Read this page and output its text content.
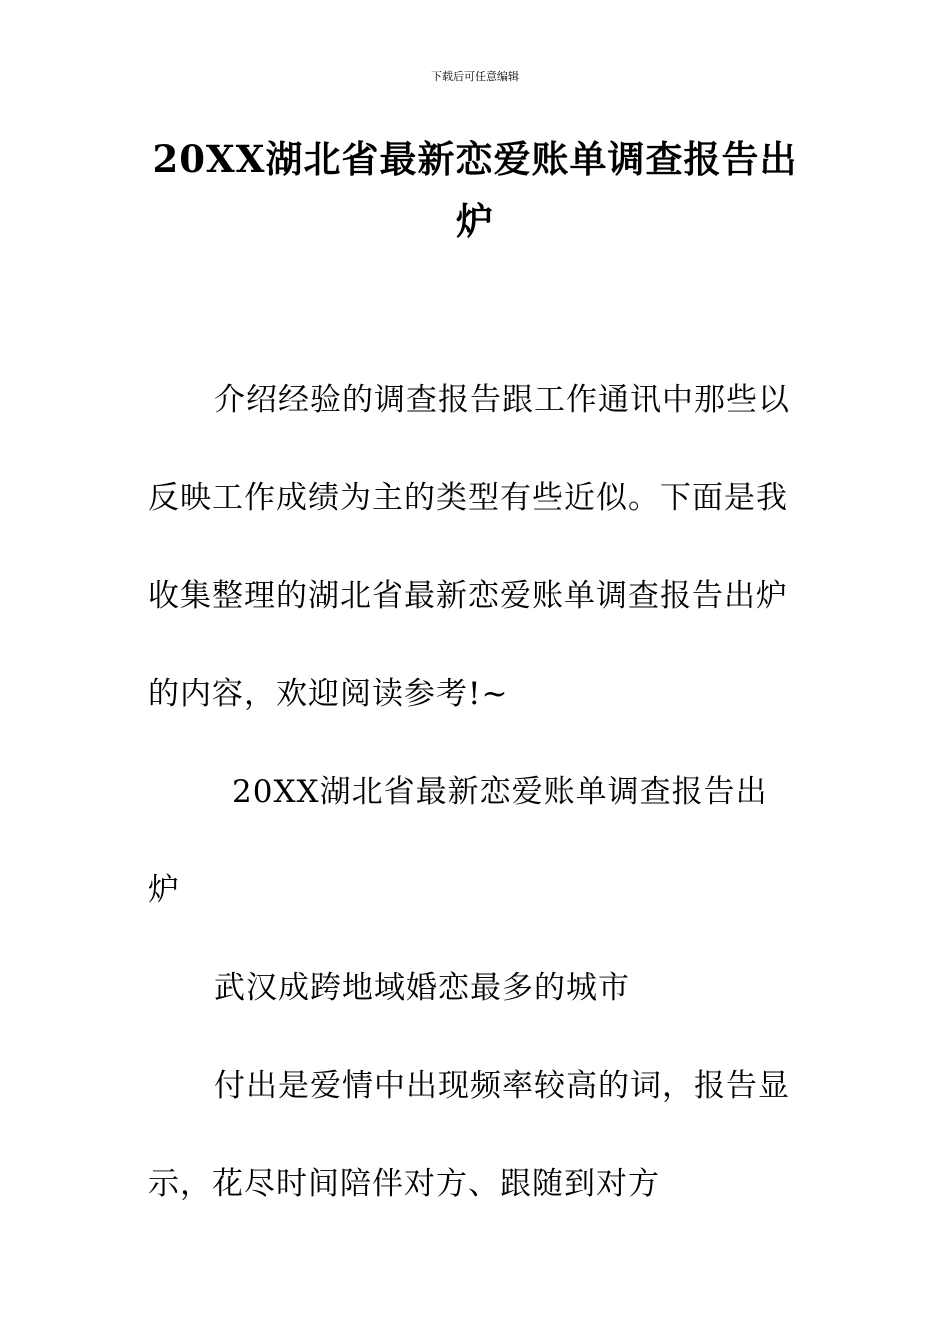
下载后可任意编辑
20XX湖北省最新恋爱账单调查报告出炉

介绍经验的调查报告跟工作通讯中那些以反映工作成绩为主的类型有些近似。下面是我收集整理的湖北省最新恋爱账单调查报告出炉的内容，欢迎阅读参考!~

20XX湖北省最新恋爱账单调查报告出炉

武汉成跨地域婚恋最多的城市

付出是爱情中出现频率较高的词，报告显示，花尽时间陪伴对方、跟随到对方
